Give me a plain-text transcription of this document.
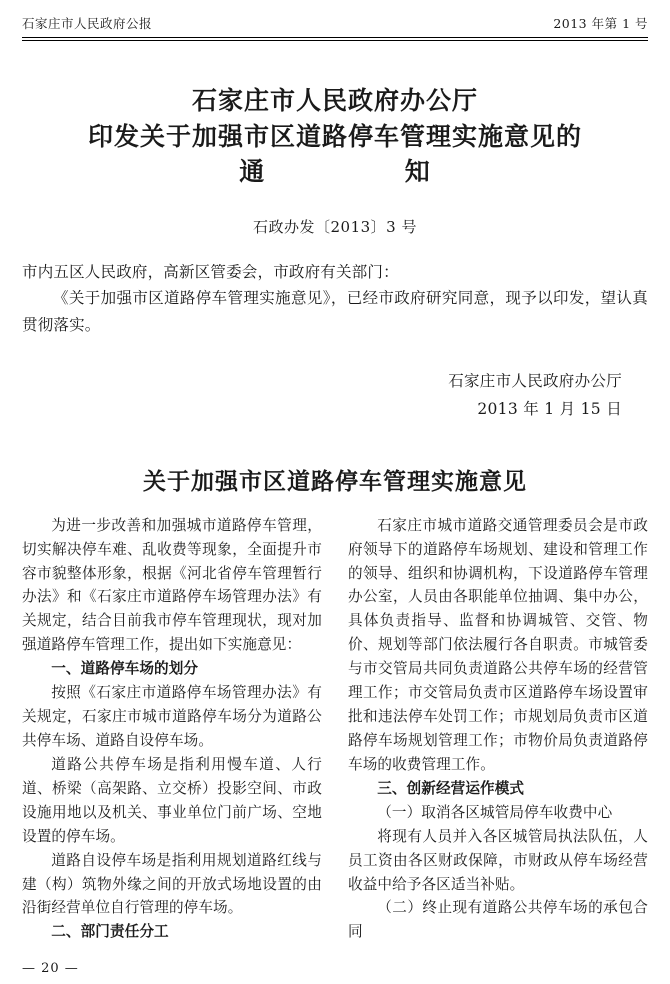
石家庄市人民政府公报	2013 年第 1 号
石家庄市人民政府办公厅
印发关于加强市区道路停车管理实施意见的
通	知
石政办发〔2013〕3 号

市内五区人民政府，高新区管委会，市政府有关部门：

《关于加强市区道路停车管理实施意见》，已经市政府研究同意，现予以印发，望认真贯彻落实。

石家庄市人民政府办公厅
2013 年 1 月 15 日
关于加强市区道路停车管理实施意见

为进一步改善和加强城市道路停车管理，切实解决停车难、乱收费等现象，全面提升市容市貌整体形象，根据《河北省停车管理暂行办法》和《石家庄市道路停车场管理办法》有关规定，结合目前我市停车管理现状，现对加强道路停车管理工作，提出如下实施意见：

一、道路停车场的划分

按照《石家庄市道路停车场管理办法》有关规定，石家庄市城市道路停车场分为道路公共停车场、道路自设停车场。

道路公共停车场是指利用慢车道、人行道、桥梁（高架路、立交桥）投影空间、市政设施用地以及机关、事业单位门前广场、空地设置的停车场。

道路自设停车场是指利用规划道路红线与建（构）筑物外缘之间的开放式场地设置的由沿街经营单位自行管理的停车场。

二、部门责任分工

石家庄市城市道路交通管理委员会是市政府领导下的道路停车场规划、建设和管理工作的领导、组织和协调机构，下设道路停车管理办公室，人员由各职能单位抽调、集中办公，具体负责指导、监督和协调城管、交管、物价、规划等部门依法履行各自职责。市城管委与市交管局共同负责道路公共停车场的经营管理工作；市交管局负责市区道路停车场设置审批和违法停车处罚工作；市规划局负责市区道路停车场规划管理工作；市物价局负责道路停车场的收费管理工作。

三、创新经营运作模式

（一）取消各区城管局停车收费中心

将现有人员并入各区城管局执法队伍，人员工资由各区财政保障，市财政从停车场经营收益中给予各区适当补贴。

（二）终止现有道路公共停车场的承包合同

— 20 —
